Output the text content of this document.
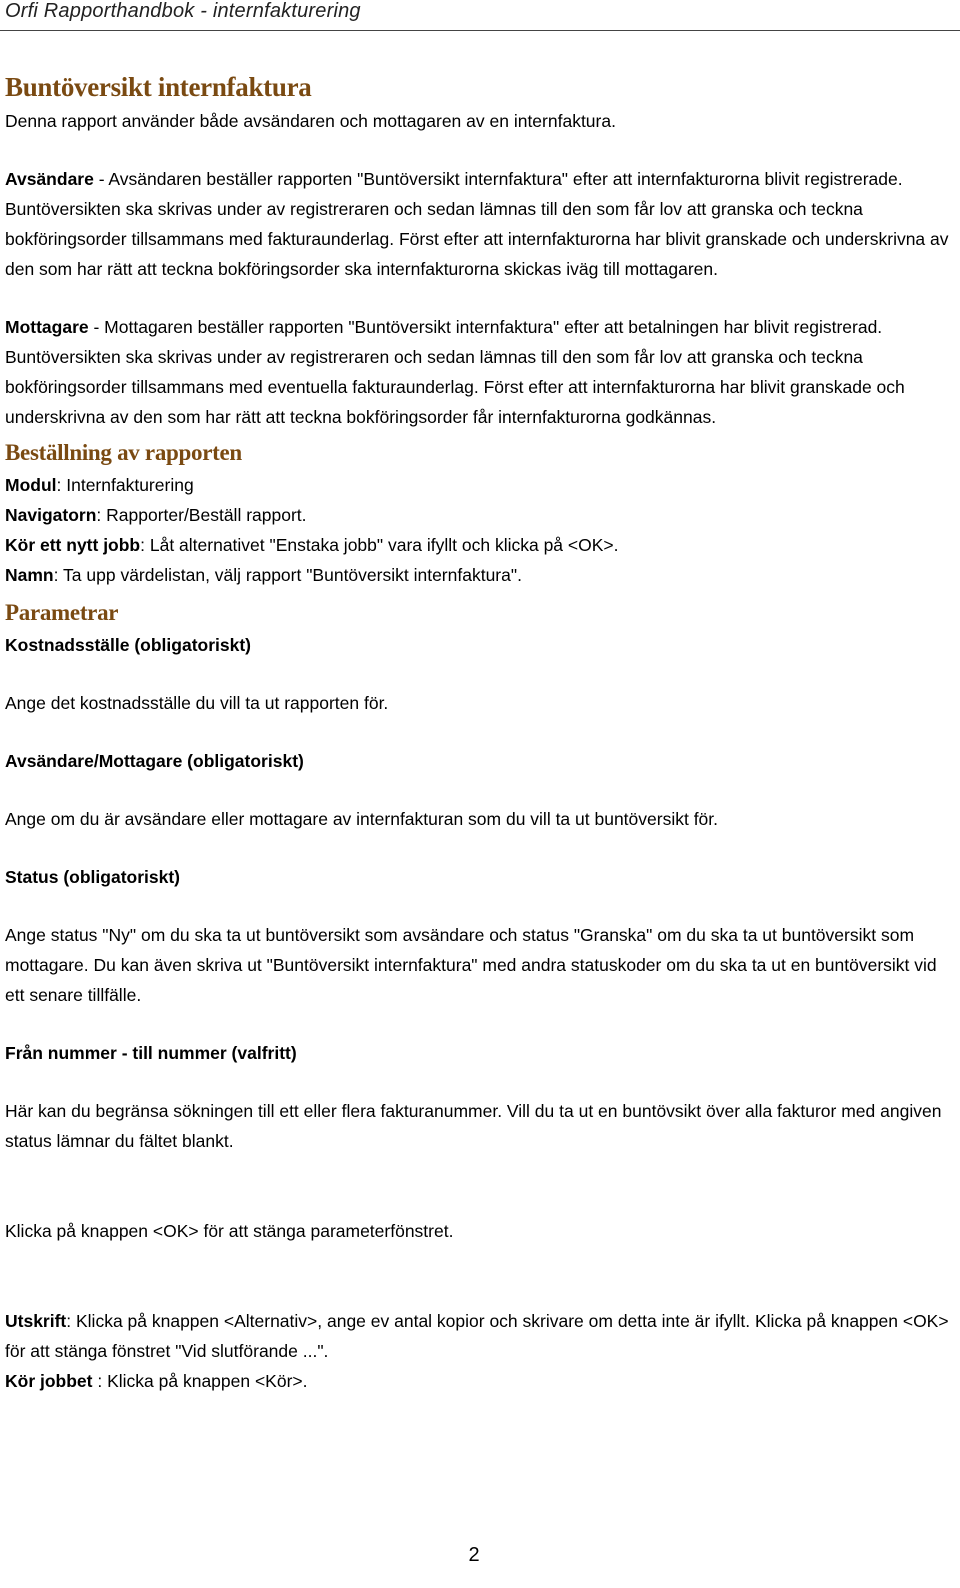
Orfi Rapporthandbok - internfakturering
Buntöversikt internfaktura

Denna rapport använder både avsändaren och mottagaren av en internfaktura.

Avsändare - Avsändaren beställer rapporten "Buntöversikt internfaktura" efter att internfakturorna blivit registrerade. Buntöversikten ska skrivas under av registreraren och sedan lämnas till den som får lov att granska och teckna bokföringsorder tillsammans med fakturaunderlag. Först efter att internfakturorna har blivit granskade och underskrivna av den som har rätt att teckna bokföringsorder ska internfakturorna skickas iväg till mottagaren.

Mottagare - Mottagaren beställer rapporten "Buntöversikt internfaktura" efter att betalningen har blivit registrerad. Buntöversikten ska skrivas under av registreraren och sedan lämnas till den som får lov att granska och teckna bokföringsorder tillsammans med eventuella fakturaunderlag. Först efter att internfakturorna har blivit granskade och underskrivna av den som har rätt att teckna bokföringsorder får internfakturorna godkännas.

Beställning av rapporten

Modul: Internfakturering

Navigatorn: Rapporter/Beställ rapport.

Kör ett nytt jobb: Låt alternativet "Enstaka jobb" vara ifyllt och klicka på <OK>.

Namn: Ta upp värdelistan, välj rapport "Buntöversikt internfaktura".

Parametrar

Kostnadsställe (obligatoriskt)

Ange det kostnadsställe du vill ta ut rapporten för.

Avsändare/Mottagare (obligatoriskt)

Ange om du är avsändare eller mottagare av internfakturan som du vill ta ut buntöversikt för.

Status (obligatoriskt)

Ange status "Ny" om du ska ta ut buntöversikt som avsändare och status "Granska" om du ska ta ut buntöversikt som mottagare. Du kan även skriva ut "Buntöversikt internfaktura" med andra statuskoder om du ska ta ut en buntöversikt vid ett senare tillfälle.

Från nummer - till nummer (valfritt)

Här kan du begränsa sökningen till ett eller flera fakturanummer. Vill du ta ut en buntövsikt över alla fakturor med angiven status lämnar du fältet blankt.

Klicka på knappen <OK> för att stänga parameterfönstret.

Utskrift: Klicka på knappen <Alternativ>, ange ev antal kopior och skrivare om detta inte är ifyllt. Klicka på knappen <OK> för att stänga fönstret "Vid slutförande ...".

Kör jobbet : Klicka på knappen <Kör>.

2
